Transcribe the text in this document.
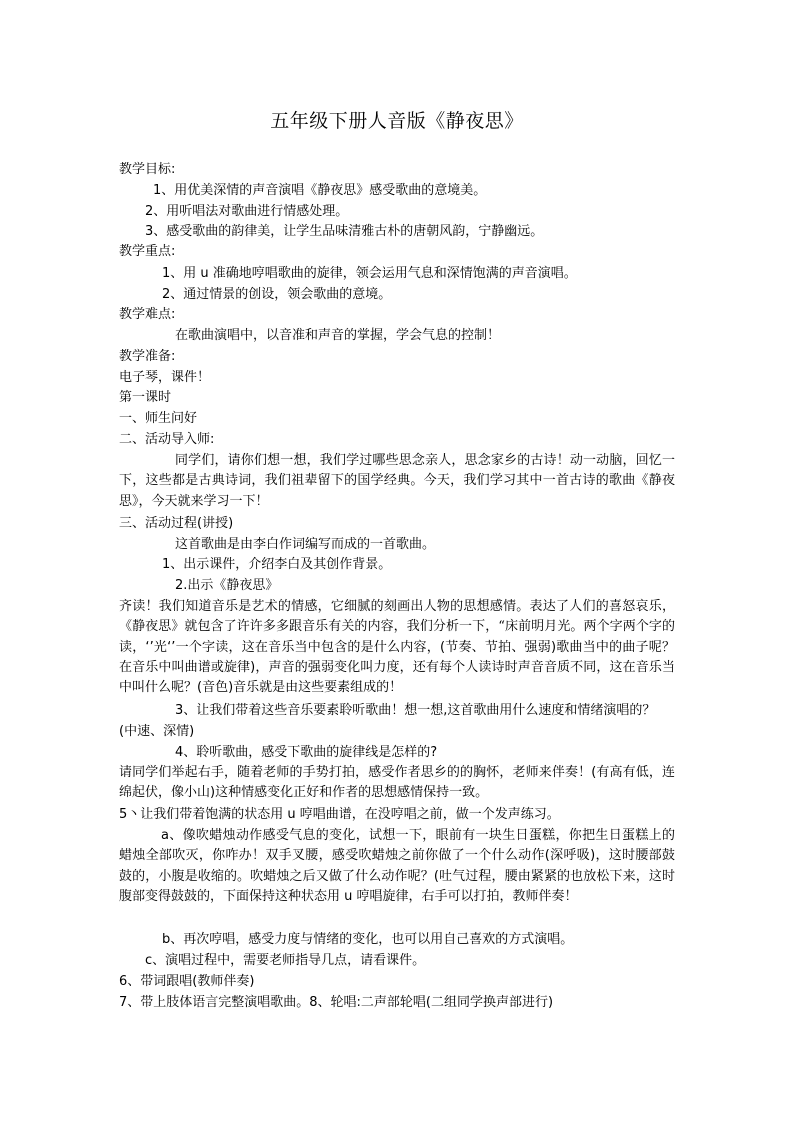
五年级下册人音版《静夜思》
教学目标:
1、用优美深情的声音演唱《静夜思》感受歌曲的意境美。
2、用听唱法对歌曲进行情感处理。
3、感受歌曲的韵律美，让学生品味清雅古朴的唐朝风韵，宁静幽远。
教学重点:
1、用 u 准确地哼唱歌曲的旋律，领会运用气息和深情饱满的声音演唱。
2、通过情景的创设，领会歌曲的意境。
教学难点:
在歌曲演唱中，以音准和声音的掌握，学会气息的控制！
教学准备:
电子琴，课件！
第一课时
一、师生问好
二、活动导入师:
同学们，请你们想一想，我们学过哪些思念亲人，思念家乡的古诗！动一动脑，回忆一下，这些都是古典诗词，我们祖辈留下的国学经典。今天，我们学习其中一首古诗的歌曲《静夜思》，今天就来学习一下！
三、活动过程(讲授)
这首歌曲是由李白作词编写而成的一首歌曲。
1、出示课件，介绍李白及其创作背景。
2.出示《静夜思》
齐读！我们知道音乐是艺术的情感，它细腻的刻画出人物的思想感情。表达了人们的喜怒哀乐，《静夜思》就包含了许许多多跟音乐有关的内容，我们分析一下，“床前明月光。两个字两个字的读，‘’光‘’一个字读，这在音乐当中包含的是什么内容，(节奏、节拍、强弱)歌曲当中的曲子呢？在音乐中叫曲谱或旋律)，声音的强弱变化叫力度，还有每个人读诗时声音音质不同，这在音乐当中叫什么呢？(音色)音乐就是由这些要素组成的！
3、让我们带着这些音乐要素聆听歌曲！想一想,这首歌曲用什么速度和情绪演唱的？
(中速、深情)
4、聆听歌曲，感受下歌曲的旋律线是怎样的?
请同学们举起右手，随着老师的手势打拍，感受作者思乡的的胸怀，老师来伴奏！(有高有低，连绵起伏，像小山)这种情感变化正好和作者的思想感情保持一致。
5丶让我们带着饱满的状态用 u 哼唱曲谱，在没哼唱之前，做一个发声练习。
a、像吹蜡烛动作感受气息的变化，试想一下，眼前有一块生日蛋糕，你把生日蛋糕上的蜡烛全部吹灭，你咋办！双手叉腰，感受吹蜡烛之前你做了一个什么动作(深呼吸)，这时腰部鼓鼓的，小腹是收缩的。吹蜡烛之后又做了什么动作呢？(吐气过程，腰由紧紧的也放松下来，这时腹部变得鼓鼓的，下面保持这种状态用 u 哼唱旋律，右手可以打拍，教师伴奏！
b、再次哼唱，感受力度与情绪的变化，也可以用自己喜欢的方式演唱。
c、演唱过程中，需要老师指导几点，请看课件。
6、带词跟唱(教师伴奏)
7、带上肢体语言完整演唱歌曲。8、轮唱:二声部轮唱(二组同学换声部进行)
